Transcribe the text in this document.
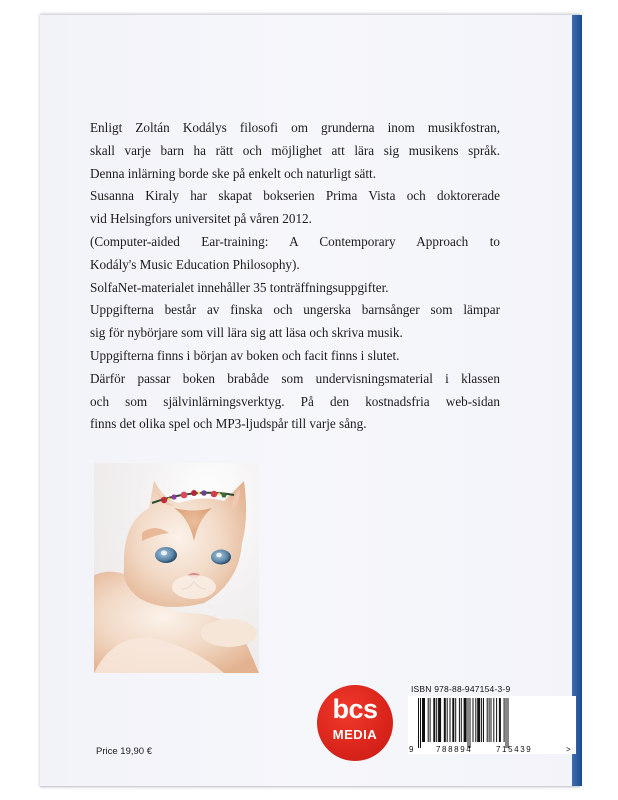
Enligt Zoltán Kodálys filosofi om grunderna inom musikfostran,
skall varje barn ha rätt och möjlighet att lära sig musikens språk.
Denna inlärning borde ske på enkelt och naturligt sätt.
Susanna Kiraly har skapat bokserien Prima Vista och doktorerade
vid Helsingfors universitet på våren 2012.
(Computer-aided Ear-training: A Contemporary Approach to
Kodály's Music Education Philosophy).
SolfaNet-materialet innehåller 35 tonträffningsuppgifter.
Uppgifterna består av finska och ungerska barnsånger som lämpar
sig för nybörjare som vill lära sig att läsa och skriva musik.
Uppgifterna finns i början av boken och facit finns i slutet.
Därför passar boken brabåde som undervisningsmaterial i klassen
och som självinlärningsverktyg. På den kostnadsfria web-sidan
finns det olika spel och MP3-ljudspår till varje sång.
bcs
MEDIA
ISBN 978-88-947154-3-9
9	788894	715439	>
Price 19,90 €
